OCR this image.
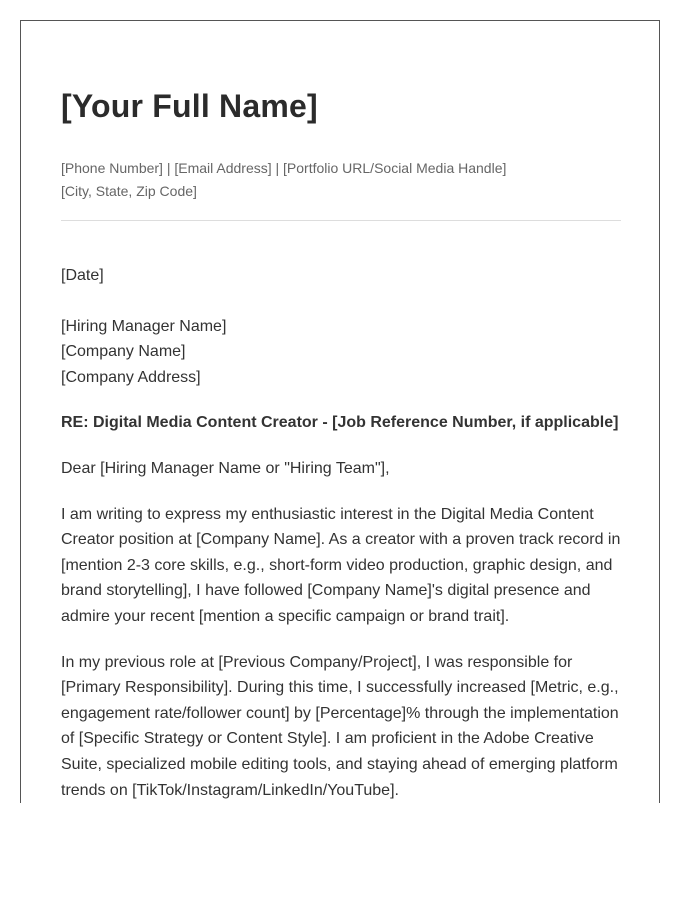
[Your Full Name]
[Phone Number] | [Email Address] | [Portfolio URL/Social Media Handle]
[City, State, Zip Code]

[Date]

[Hiring Manager Name]
[Company Name]
[Company Address]

RE: Digital Media Content Creator - [Job Reference Number, if applicable]

Dear [Hiring Manager Name or "Hiring Team"],

I am writing to express my enthusiastic interest in the Digital Media Content Creator position at [Company Name]. As a creator with a proven track record in [mention 2-3 core skills, e.g., short-form video production, graphic design, and brand storytelling], I have followed [Company Name]'s digital presence and admire your recent [mention a specific campaign or brand trait].

In my previous role at [Previous Company/Project], I was responsible for [Primary Responsibility]. During this time, I successfully increased [Metric, e.g., engagement rate/follower count] by [Percentage]% through the implementation of [Specific Strategy or Content Style]. I am proficient in the Adobe Creative Suite, specialized mobile editing tools, and staying ahead of emerging platform trends on [TikTok/Instagram/LinkedIn/YouTube].
